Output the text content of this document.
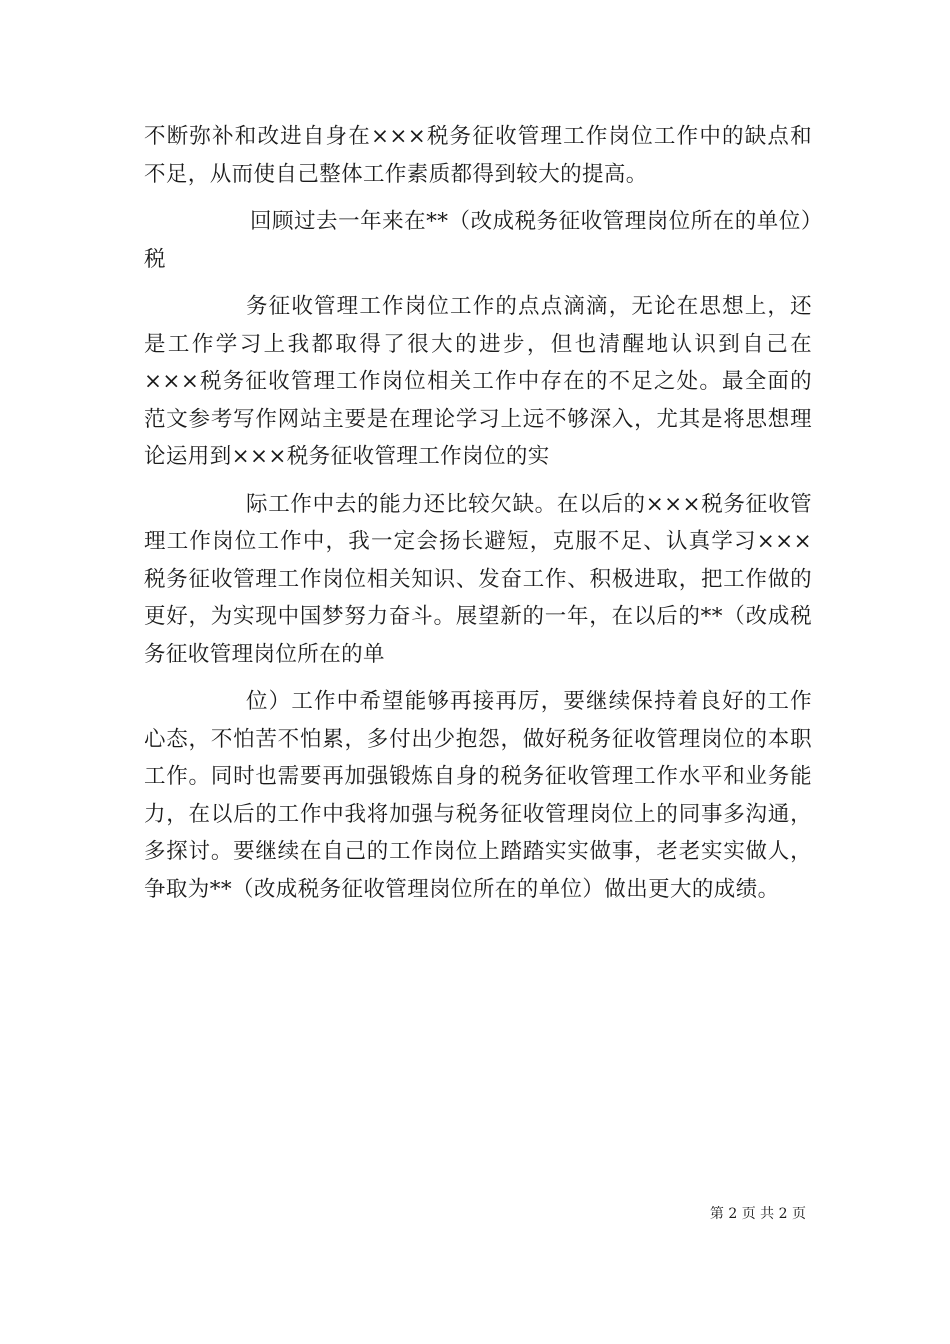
不断弥补和改进自身在×××税务征收管理工作岗位工作中的缺点和不足，从而使自己整体工作素质都得到较大的提高。

回顾过去一年来在**（改成税务征收管理岗位所在的单位）税

务征收管理工作岗位工作的点点滴滴，无论在思想上，还是工作学习上我都取得了很大的进步，但也清醒地认识到自己在×××税务征收管理工作岗位相关工作中存在的不足之处。最全面的范文参考写作网站主要是在理论学习上远不够深入，尤其是将思想理论运用到×××税务征收管理工作岗位的实

际工作中去的能力还比较欠缺。在以后的×××税务征收管理工作岗位工作中，我一定会扬长避短，克服不足、认真学习×××税务征收管理工作岗位相关知识、发奋工作、积极进取，把工作做的更好，为实现中国梦努力奋斗。展望新的一年，在以后的**（改成税务征收管理岗位所在的单

位）工作中希望能够再接再厉，要继续保持着良好的工作心态，不怕苦不怕累，多付出少抱怨，做好税务征收管理岗位的本职工作。同时也需要再加强锻炼自身的税务征收管理工作水平和业务能力，在以后的工作中我将加强与税务征收管理岗位上的同事多沟通，多探讨。要继续在自己的工作岗位上踏踏实实做事，老老实实做人，争取为**（改成税务征收管理岗位所在的单位）做出更大的成绩。

第 2 页 共 2 页
